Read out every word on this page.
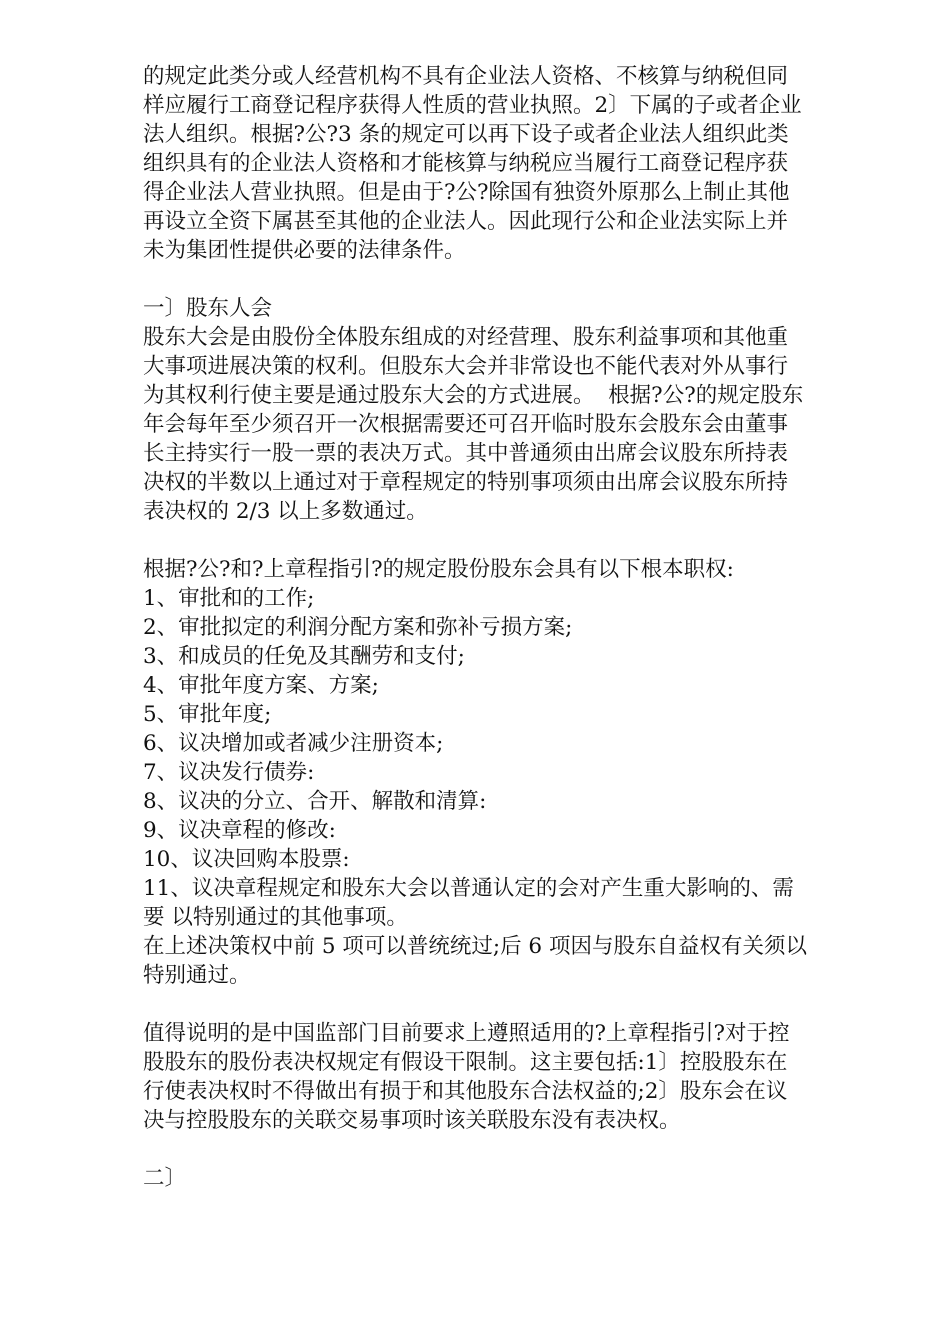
的规定此类分或人经营机构不具有企业法人资格、不核算与纳税但同
样应履行工商登记程序获得人性质的营业执照。2〕下属的子或者企业
法人组织。根据?公?3 条的规定可以再下设子或者企业法人组织此类
组织具有的企业法人资格和才能核算与纳税应当履行工商登记程序获
得企业法人营业执照。但是由于?公?除国有独资外原那么上制止其他
再设立全资下属甚至其他的企业法人。因此现行公和企业法实际上并
未为集团性提供必要的法律条件。
一〕股东人会
股东大会是由股份全体股东组成的对经营理、股东利益事项和其他重
大事项进展决策的权利。但股东大会并非常设也不能代表对外从事行
为其权利行使主要是通过股东大会的方式进展。  根据?公?的规定股东
年会每年至少须召开一次根据需要还可召开临时股东会股东会由董事
长主持实行一股一票的表决万式。其中普通须由出席会议股东所持表
决权的半数以上通过对于章程规定的特别事项须由出席会议股东所持
表决权的 2/3 以上多数通过。
根据?公?和?上章程指引?的规定股份股东会具有以下根本职权:
1、审批和的工作;
2、审批拟定的利润分配方案和弥补亏损方案;
3、和成员的任免及其酬劳和支付;
4、审批年度方案、方案;
5、审批年度;
6、议决增加或者减少注册资本;
7、议决发行债券:
8、议决的分立、合开、解散和清算:
9、议决章程的修改:
10、议决回购本股票:
11、议决章程规定和股东大会以普通认定的会对产生重大影响的、需
要 以特别通过的其他事项。
在上述决策权中前 5 项可以普统统过;后 6 项因与股东自益权有关须以
特别通过。
值得说明的是中国监部门目前要求上遵照适用的?上章程指引?对于控
股股东的股份表决权规定有假设干限制。这主要包括:1〕控股股东在
行使表决权时不得做出有损于和其他股东合法权益的;2〕股东会在议
决与控股股东的关联交易事项时该关联股东没有表决权。
二〕
